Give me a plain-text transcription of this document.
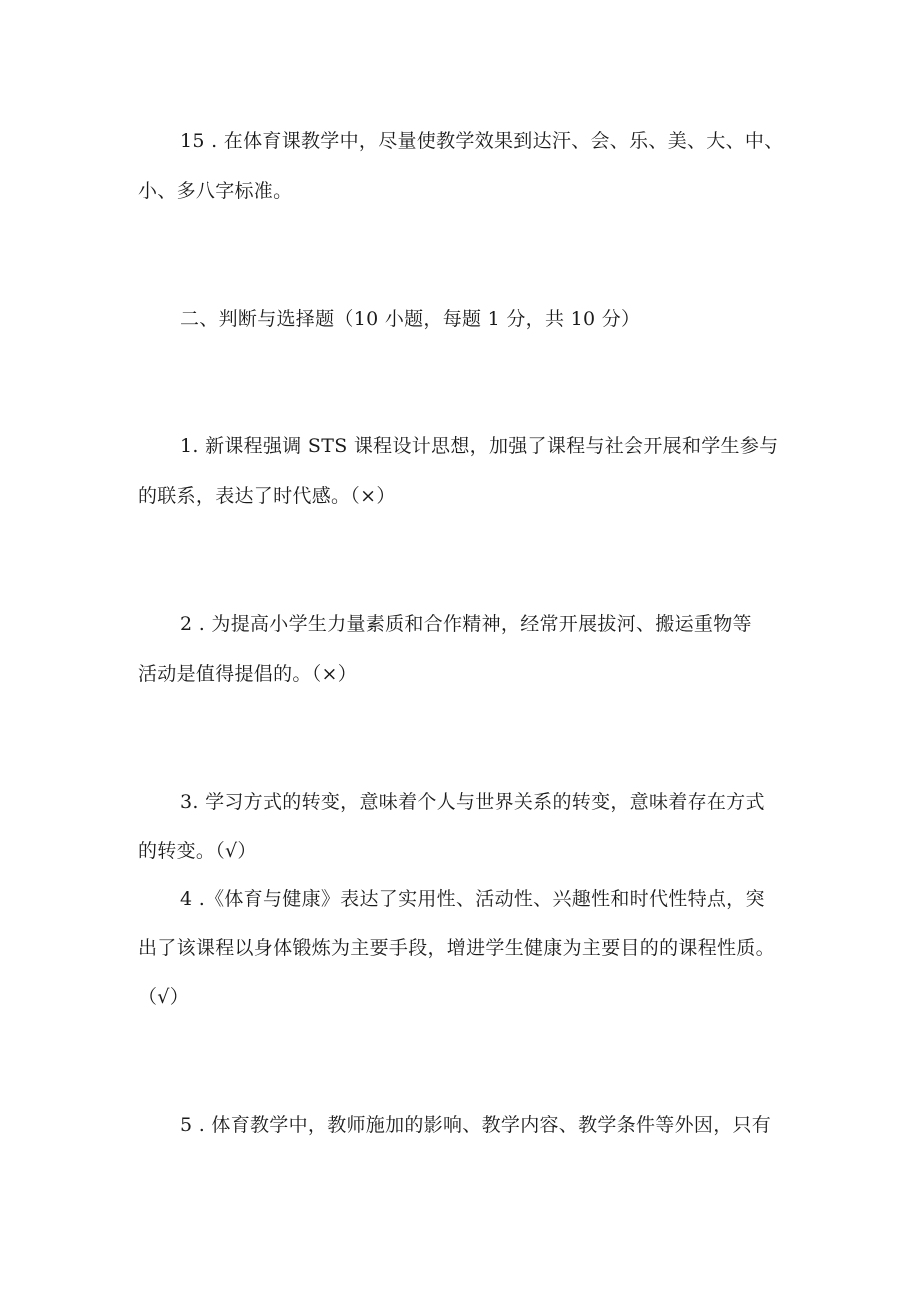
15 . 在体育课教学中，尽量使教学效果到达汗、会、乐、美、大、中、
小、多八字标准。
二、判断与选择题（10 小题，每题 1 分，共 10 分）
1. 新课程强调 STS 课程设计思想，加强了课程与社会开展和学生参与
的联系，表达了时代感。（×）
2 . 为提高小学生力量素质和合作精神，经常开展拔河、搬运重物等
活动是值得提倡的。（×）
3. 学习方式的转变，意味着个人与世界关系的转变，意味着存在方式
的转变。（√）
4 .《体育与健康》表达了实用性、活动性、兴趣性和时代性特点，突
出了该课程以身体锻炼为主要手段，增进学生健康为主要目的的课程性质。
（√）
5 . 体育教学中，教师施加的影响、教学内容、教学条件等外因，只有
